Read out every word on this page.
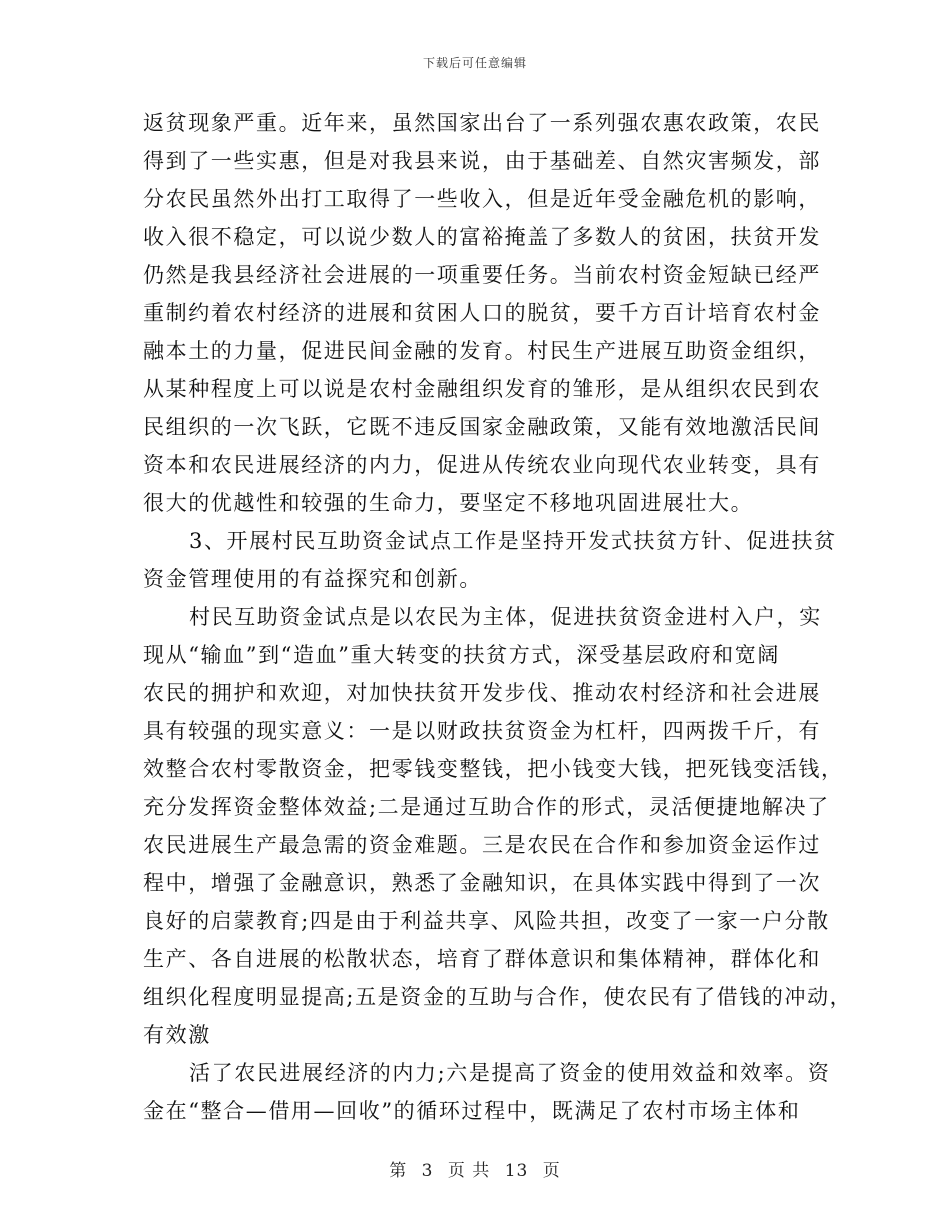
下载后可任意编辑
返贫现象严重。近年来，虽然国家出台了一系列强农惠农政策，农民
得到了一些实惠，但是对我县来说，由于基础差、自然灾害频发，部
分农民虽然外出打工取得了一些收入，但是近年受金融危机的影响，
收入很不稳定，可以说少数人的富裕掩盖了多数人的贫困，扶贫开发
仍然是我县经济社会进展的一项重要任务。当前农村资金短缺已经严
重制约着农村经济的进展和贫困人口的脱贫，要千方百计培育农村金
融本土的力量，促进民间金融的发育。村民生产进展互助资金组织，
从某种程度上可以说是农村金融组织发育的雏形，是从组织农民到农
民组织的一次飞跃，它既不违反国家金融政策，又能有效地激活民间
资本和农民进展经济的内力，促进从传统农业向现代农业转变，具有
很大的优越性和较强的生命力，要坚定不移地巩固进展壮大。
3、开展村民互助资金试点工作是坚持开发式扶贫方针、促进扶贫
资金管理使用的有益探究和创新。
村民互助资金试点是以农民为主体，促进扶贫资金进村入户，实
现从“输血”到“造血”重大转变的扶贫方式，深受基层政府和宽阔
农民的拥护和欢迎，对加快扶贫开发步伐、推动农村经济和社会进展
具有较强的现实意义：一是以财政扶贫资金为杠杆，四两拨千斤，有
效整合农村零散资金，把零钱变整钱，把小钱变大钱，把死钱变活钱，
充分发挥资金整体效益;二是通过互助合作的形式，灵活便捷地解决了
农民进展生产最急需的资金难题。三是农民在合作和参加资金运作过
程中，增强了金融意识，熟悉了金融知识，在具体实践中得到了一次
良好的启蒙教育;四是由于利益共享、风险共担，改变了一家一户分散
生产、各自进展的松散状态，培育了群体意识和集体精神，群体化和
组织化程度明显提高;五是资金的互助与合作，使农民有了借钱的冲动，
有效激
活了农民进展经济的内力;六是提高了资金的使用效益和效率。资
金在“整合—借用—回收”的循环过程中，既满足了农村市场主体和
第 3 页 共 13 页
